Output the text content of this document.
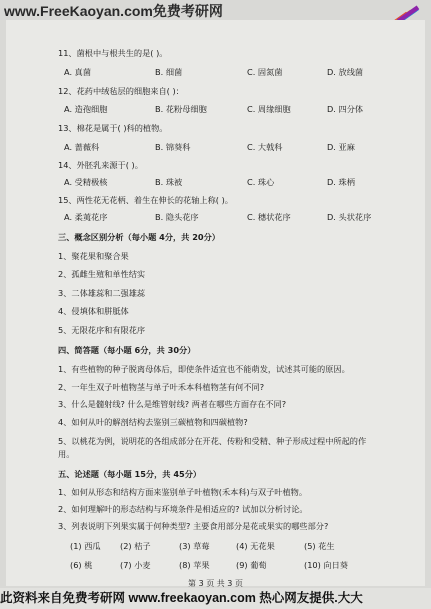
www.FreeKaoyan.com免费考研网
11、菌根中与根共生的是( )。
A. 真菌	B. 细菌	C. 固氮菌	D. 放线菌
12、花药中绒毡层的细胞来自( )：
A. 造孢细胞	B. 花粉母细胞	C. 周缘细胞	D. 四分体
13、棉花是属于( )科的植物。
A. 蔷薇科	B. 锦葵科	C. 大戟科	D. 亚麻
14、外胚乳来源于( )。
A. 受精极核	B. 珠被	C. 珠心	D. 珠柄
15、两性花无花柄、着生在伸长的花轴上称( )。
A. 柔荑花序	B. 隐头花序	C. 穗状花序	D. 头状花序
三、概念区别分析（每小题 4分，共 20分）
1、聚花果和聚合果
2、孤雌生殖和单性结实
3、二体雄蕊和二强雄蕊
4、侵填体和胼胝体
5、无限花序和有限花序
四、简答题（每小题 6分，共 30分）
1、有些植物的种子脱离母体后，即使条件适宜也不能萌发，试述其可能的原因。
2、一年生双子叶植物茎与单子叶禾本科植物茎有何不同?
3、什么是髓射线? 什么是维管射线? 两者在哪些方面存在不同?
4、如何从叶的解剖结构去鉴别三碳植物和四碳植物?
5、以桃花为例，说明花的各组成部分在开花、传粉和受精、种子形成过程中所起的作
用。
五、论述题（每小题 15分，共 45分）
1、如何从形态和结构方面来鉴别单子叶植物(禾本科)与双子叶植物。
2、如何理解叶的形态结构与环境条件是相适应的? 试加以分析讨论。
3、列表说明下列果实属于何种类型? 主要食用部分是花或果实的哪些部分?
(1) 西瓜 (2) 桔子	(3) 草莓	(4) 无花果	(5) 花生
(6) 桃	(7) 小麦	(8) 苹果	(9) 葡萄	(10) 向日葵
第 3 页 共 3 页
此资料来自免费考研网 www.freekaoyan.com 热心网友提供.大大
